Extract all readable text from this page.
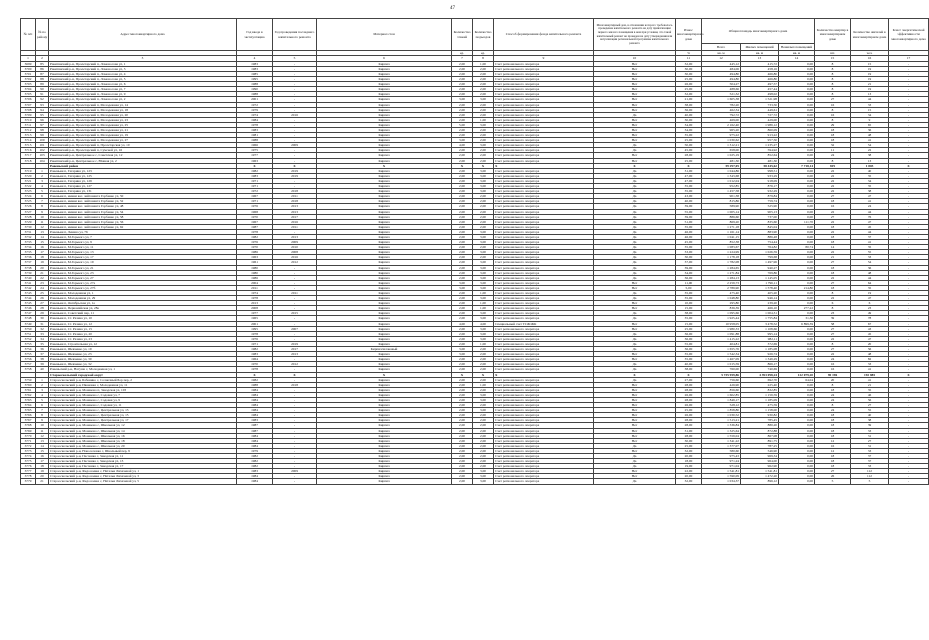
47
№ п/п	№ по району	Адрес многоквартирного дома	Год ввода в эксплуатацию	Год проведения последнего капитального ремонта	Материал стен	Количество этажей	Количество подъездов	Способ формирования фонда капитального ремонта	Многоквартирный дом, в отношении которого требовалось проведение капитального ремонта на дату приватизации первого жилого помещения в нем при условии, что такой капитальный ремонт не проведен на дату утверждения или актуализации региональной программы капитального ремонта	Износ многоквартирного дома	Общая площадь многоквартирного дома			Количество квартир в многоквартирном доме	Количество жителей в многоквартирном доме	Класс энергетической эффективности многоквартирного дома
											Всего	Жилых помещений	Нежилых помещений			
						ед.	ед.			%	кв. м	кв. м	кв. м	шт.	чел.	
1	2	3	4	5	6	7	8	9	10	11	12	13	14	15	16	17
3699	85	Ракитянский р-н, Пролетарский п, Ломоносова ул, 1	1983	-	Кирпич	2,00	1,00	Счет регионального оператора	Нет	32,00	445,12	415,72	0,00	8	15	-
3700	86	Ракитянский р-н, Пролетарский п, Ломоносова ул, 3	1983	-	Кирпич	2,00	2,00	Счет регионального оператора	Нет	30,00	484,06	458,16	0,00	8	19	-
3701	87	Ракитянский р-н, Пролетарский п, Ломоносова ул, 4	1985	-	Кирпич	2,00	2,00	Счет регионального оператора	Нет	30,00	494,80	466,80	0,00	8	19	-
3702	88	Ракитянский р-н, Пролетарский п, Ломоносова ул, 5	1995	-	Кирпич	2,00	2,00	Счет регионального оператора	Нет	25,00	494,80	466,80	0,00	8	19	-
3703	89	Ракитянский р-н, Пролетарский п, Ломоносова ул, 6	1988	-	Кирпич	2,00	2,00	Счет регионального оператора	Нет	26,00	504,27	497,57	0,00	8	21	-
3704	90	Ракитянский р-н, Пролетарский п, Ломоносова ул, 7	1990	-	Кирпич	2,00	2,00	Счет регионального оператора	Нет	25,00	488,66	457,44	0,00	8	19	-
3705	91	Ракитянский р-н, Пролетарский п, Ломоносова ул, 9	1988	-	Кирпич	2,00	2,00	Счет регионального оператора	Нет	32,00	521,32	498,02	0,00	8	13	-
3706	92	Ракитянский р-н, Пролетарский п, Ломоносова ул, 2	2001	-	Кирпич	3,00	3,00	Счет регионального оператора	Нет	21,00	1 605,38	1 521,98	0,00	27	44	-
3707	93	Ракитянский р-н, Пролетарский п, Молодежная ул, 14	1972	-	Кирпич	2,00	2,00	Счет регионального оператора	Нет	38,00	782,20	733,50	0,00	16	33	-
3708	94	Ракитянский р-н, Пролетарский п, Молодежная ул, 18	1979	-	Кирпич	2,00	2,00	Счет регионального оператора	Нет	36,00	462,34	449,61	0,00	8	15	-
3709	95	Ракитянский р-н, Пролетарский п, Молодежная ул, 20	1974	2016	Кирпич	2,00	2,00	Счет регионального оператора	Да	40,00	792,72	727,72	0,00	16	34	-
3710	96	Ракитянский р-н, Пролетарский п, Молодежная ул, 23	1984	-	Кирпич	2,00	1,00	Счет регионального оператора	Нет	30,00	469,00	429,00	0,00	8	9	-
3711	97	Ракитянский р-н, Пролетарский п, Молодежная ул, 25	1978	-	Кирпич	5,00	3,00	Счет регионального оператора	Нет	34,00	2 162,40	1 989,12	0,00	29	65	-
3712	98	Ракитянский р-н, Пролетарский п, Молодежная ул, 21	1983	-	Кирпич	2,00	2,00	Счет регионального оператора	Нет	34,00	965,20	860,09	0,00	18	36	-
3713	99	Ракитянский р-н, Пролетарский п, Молодежная ул, 19	1981	-	Кирпич	2,00	2,00	Счет регионального оператора	Нет	35,00	975,22	913,22	0,00	18	48	-
3714	100	Ракитянский р-н, Пролетарский п, Молодежная ул, 27	1988	-	Кирпич	3,00	2,00	Счет регионального оператора	Нет	25,00	1 030,62	957,50	0,00	18	41	-
3715	101	Ракитянский р-н, Пролетарский п, Пролетарская ул, 10	1966	2009	Кирпич	4,00	3,00	Счет регионального оператора	Да	50,00	1 312,21	1 235,27	0,00	32	54	-
3716	102	Ракитянский р-н, Пролетарский п, Сумской ул, 16	1975	-	Кирпич	2,00	2,00	Счет регионального оператора	Да	45,00	658,00	594,92	0,00	11	22	-
3717	103	Ракитянский р-н, Центральное с, Советская ул, 12	1977	-	Кирпич	2,00	2,00	Счет регионального оператора	Нет	28,00	1 025,19	852,64	0,00	24	38	-
3718	104	Ракитянский р-н, Центральное с, Южная ул, 2	1963	-	Кирпич	2,00	2,00	Счет регионального оператора	Нет	25,00	481,30	481,30	0,00	8	13	-
		Ровеньский район	X	X	X	X	X	X	X	X	59 297,05	58 445,62	7 718,14	819	1 803	X
3719	1	Ровеньки п, Гагарина ул, 123	1982	2019	Кирпич	2,00	3,00	Счет регионального оператора	Да	31,00	1 044,86	998,51	0,00	22	40	-
3720	2	Ровеньки п, Гагарина ул, 125	1983	2019	Кирпич	2,00	3,00	Счет регионального оператора	Да	47,00	1 343,68	933,29	0,00	22	35	-
3721	3	Ровеньки п, Гагарина ул, 129	1971	-	Кирпич	2,00	3,00	Счет регионального оператора	Да	47,00	1 012,04	918,09	0,00	22	34	-
3722	4	Ровеньки п, Гагарина ул, 127	1971	-	Кирпич	2,00	3,00	Счет регионального оператора	Да	35,00	952,85	876,17	0,00	22	35	-
3723	5	Ровеньки п, Гагарина ул, 131	1972	2018	Кирпич	2,00	3,00	Счет регионального оператора	Да	35,00	1 457,58	932,29	0,00	22	38	-
3724	6	Ровеньки п, имени вас. лейтенанта Горбенко ул, 50	1967	2011	Кирпич	2,00	2,00	Счет регионального оператора	Да	43,00	901,38	879,84	0,00	27	47	-
3725	7	Ровеньки п, имени вас. лейтенанта Горбенко ул, 52	1971	2018	Кирпич	2,00	2,00	Счет регионального оператора	Да	40,00	815,86	759,74	0,00	18	41	-
3726	8	Ровеньки п, имени вас. лейтенанта Горбенко ул, 48	1976	2013	Кирпич	2,00	2,00	Счет регионального оператора	Да	39,00	589,90	525,90	0,00	16	24	-
3727	9	Ровеньки п, имени вас. лейтенанта Горбенко ул, 54	1968	2013	Кирпич	2,00	2,00	Счет регионального оператора	Да	55,00	1 005,14	905,13	0,00	22	44	-
3728	10	Ровеньки п, имени вас. лейтенанта Горбенко ул, 58	1970	2017	Кирпич	2,00	2,00	Счет регионального оператора	Да	39,00	886,60	737,00	0,00	27	76	-
3729	11	Ровеньки п, имени вас. лейтенанта Горбенко ул, 56	1967	2016	Кирпич	2,00	2,00	Счет регионального оператора	Да	51,00	869,20	835,60	111,70	22	47	-
3730	12	Ровеньки п, имени вас. лейтенанта Горбенко ул, 62	1987	2011	Кирпич	2,00	2,00	Счет регионального оператора	Да	35,00	1 271,18	845,04	0,00	18	45	-
3731	13	Ровеньки п, Ленина ул, 76	1978	-	Кирпич	2,00	3,00	Счет регионального оператора	Да	46,00	1 161,14	883,90	0,00	22	44	-
3732	14	Ровеньки п, М.Горького ул, 7	1982	2013	Кирпич	2,00	3,00	Счет регионального оператора	Да	46,00	1 041,15	886,48	0,00	18	37	-
3733	15	Ровеньки п, М.Горького ул, 9	1976	2009	Кирпич	2,00	3,00	Счет регионального оператора	Да	45,00	852,38	754,44	0,00	18	41	-
3734	16	Ровеньки п, М.Горького ул, 11	1970	2010	Кирпич	2,00	2,00	Счет регионального оператора	Да	35,00	1 083,67	764,82	80,74	14	35	-
3735	17	Ровеньки п, М.Горького ул, 13	1986	2008	Кирпич	2,00	3,00	Счет регионального оператора	Да	33,00	1 224,99	1 026,59	0,00	22	55	-
3736	18	Ровеньки п, М.Горького ул, 17	1963	2016	Кирпич	2,00	2,00	Счет регионального оператора	Да	30,00	1 178,18	799,68	0,00	21	33	-
3737	19	Ровеньки п, М.Горького ул, 19	1961	2012	Кирпич	2,00	3,00	Счет регионального оператора	Да	37,00	1 782,08	1 497,96	0,00	27	54	-
3738	20	Ровеньки п, М.Горького ул, 21	1980	-	Кирпич	2,00	3,00	Счет регионального оператора	Да	39,00	1 284,65	940,27	0,00	18	36	-
3739	21	Ровеньки п, М.Горького ул, 23	1980	-	Кирпич	2,00	3,00	Счет регионального оператора	Да	34,00	1 271,84	769,86	0,00	18	48	-
3740	22	Ровеньки п, М.Горького ул, 27	1986	-	Кирпич	2,00	3,00	Счет регионального оператора	Да	36,00	1 284,13	1 145,05	0,00	22	44	-
3741	23	Ровеньки п, М.Горького ул, 27а	2004	-	Кирпич	3,00	3,00	Счет регионального оператора	Нет	11,00	2 259,73	1 796,11	0,00	27	64	-
3742	24	Ровеньки п, М.Горького ул, 27б	2011	-	Кирпич	3,00	3,00	Счет регионального оператора	Нет	5,00	2 789,90	1 578,40	214,80	18	35	-
3743	25	Ровеньки п, Молодежная ул, 1	1974	2011	Кирпич	2,00	1,00	Счет регионального оператора	Да	35,00	475,40	405,20	0,00	8	19	-
3744	26	Ровеньки п, Молодежная ул, 29	1978	-	Кирпич	2,00	3,00	Счет регионального оператора	Да	35,00	1 048,80	946,14	0,00	22	47	-
3745	27	Ровеньки п, Октябрьская ул, 1а	2013	-	Кирпич	2,00	1,00	Счет регионального оператора	Нет	10,00	295,80	239,20	0,00	6	6	-
3746	28	Ровеньки п, Первомайская ул, 28а	2008	-	Кирпич	2,00	1,00	Счет регионального оператора	Нет	15,00	836,39	466,10	277,22	8	23	-
3747	29	Ровеньки п, Советский пер, 11	1977	2015	Кирпич	2,00	3,00	Счет регионального оператора	Да	38,00	1 095,66	1 004,31	0,00	23	49	-
3748	30	Ровеньки п, Ст. Разина ул, 10	1965	-	Кирпич	2,00	3,00	Счет регионального оператора	Да	35,00	1 925,44	1 755,84	31,30	39	78	-
3749	31	Ровеньки п, Ст. Разина ул, 12	2001	-	Кирпич	4,00	4,00	Специальный счет ТСЖ/ЖК	Нет	15,00	10 958,05	3 478,52	6 899,39	58	67	-
3750	32	Ровеньки п, Ст. Разина ул, 15	1995	2007	Кирпич	2,00	3,00	Счет регионального оператора	Нет	25,00	1 980,33	1 108,66	0,00	27	43	-
3751	33	Ровеньки п, Ст. Разина ул, 20	1978	-	Кирпич	2,00	3,00	Счет регионального оператора	Да	36,00	1 091,88	995,14	0,00	27	45	-
3752	34	Ровеньки п, Ст. Разина ул, 23	1976	-	Кирпич	2,00	3,00	Счет регионального оператора	Да	36,00	1 415,22	982,11	0,00	22	47	-
3753	35	Ровеньки п, Строительная ул, 12	1971	2019	Кирпич	2,00	1,00	Счет регионального оператора	Да	55,00	404,81	372,69	0,00	8	20	-
3754	36	Ровеньки п, Шевченко ул, 19	1982	2017	Кирпич/шлаковый	3,00	2,00	Счет регионального оператора	Да	36,00	1 655,76	1 185,08	0,00	27	56	-
3755	37	Ровеньки п, Шевченко ул, 23	1983	2013	Кирпич	3,00	2,00	Счет регионального оператора	Нет	35,00	1 542,34	926,74	0,00	22	48	-
3756	38	Ровеньки п, Шевченко ул, 30	1964	-	Кирпич	2,00	2,00	Счет регионального оператора	Нет	35,00	1 467,09	1 349,29	0,00	24	82	-
3757	39	Ровеньки п, Шевченко ул, 32	1970	2012	Кирпич	2,00	2,00	Счет регионального оператора	Да	40,00	1 015,59	866,17	0,00	16	33	-
3758	40	Ровеньский р-н, Нагуша с, Молодежная ул, 1	1978	-	Кирпич	2,00	2,00	Счет регионального оператора	Да	38,00	760,00	740,69	0,00	16	41	-
		Старооскольский городской округ	X	X	X	X	X	X	X	X	5 735 959,86	4 393 098,24	122 079,20	90 196	192 885	X
3759	1	Старооскольский р-н, Бабанино с, Солнечный Бор пер, 2	1982	-	Кирпич	2,00	2,00	Счет регионального оператора	Да	27,00	756,60	692,70	64,04	20	41	-
3760	2	Старооскольский р-н, Ивановка с, Молодежная ул, 11	1988	2018	Кирпич	2,00	1,00	Счет регионального оператора	Нет	28,00	426,90	225,40	0,00	8	21	-
3761	3	Старооскольский р-н, Монаково п, Заводская ул, 103	1984	-	Кирпич	2,00	2,00	Счет регионального оператора	Нет	28,00	856,60	832,85	0,00	18	35	-
3762	4	Старооскольский р-н, Монаково с, Садовая ул, 7	1984	-	Кирпич	2,00	3,00	Счет регионального оператора	Нет	26,00	1 602,85	1 159,59	0,00	24	46	-
3763	5	Старооскольский р-н, Монаково с, Садовая ул, 9	1984	-	Кирпич	2,00	3,00	Счет регионального оператора	Нет	28,00	1 849,17	1 185,09	0,00	24	56	-
3764	6	Старооскольский р-н, Монаково с, Садовая ул, 11	1984	-	Кирпич	2,00	2,00	Счет регионального оператора	Нет	26,00	528,12	475,59	0,00	8	27	-
3765	7	Старооскольский р-н, Монаково с, Центральная ул, 13	1984	-	Кирпич	2,00	3,00	Счет регионального оператора	Нет	25,00	1 858,80	1 158,00	0,00	24	55	-
3766	8	Старооскольский р-н, Монаково с, Центральная ул, 15	1984	-	Кирпич	2,00	2,00	Счет регионального оператора	Нет	26,00	1 030,52	930,82	0,00	18	40	-
3767	9	Старооскольский р-н, Монаково с, Центральная ул, 17	1983	-	Кирпич	2,00	2,00	Счет регионального оператора	Нет	28,00	1 513,21	785,45	0,00	18	38	-
3768	10	Старооскольский р-н, Монаково с, Школьная ул, 12	1987	-	Кирпич	2,00	2,00	Счет регионального оператора	Нет	28,00	1 336,84	880,20	0,00	18	39	-
3769	11	Старооскольский р-н, Монаково с, Школьная ул, 14	1987	-	Кирпич	2,00	2,00	Счет регионального оператора	Нет	31,00	1 325,64	872,88	0,00	18	33	-
3770	12	Старооскольский р-н, Монаково с, Школьная ул, 16	1984	-	Кирпич	2,00	2,00	Счет регионального оператора	Нет	28,00	1 559,04	867,08	0,00	18	31	-
3771	13	Старооскольский р-н, Монаково с, Школьная ул, 18	1984	-	Кирпич	2,00	2,00	Счет регионального оператора	Нет	30,00	1 341,22	891,75	0,00	12	27	-
3772	14	Старооскольский р-н, Монаково с, Школьная ул, 20	1984	-	Кирпич	2,00	2,00	Счет регионального оператора	Да	25,00	1 377,07	787,25	0,00	16	31	-
3773	15	Старооскольский р-н, Новоселовка с, Школьный пер, 9	1979	-	Кирпич	2,00	2,00	Счет регионального оператора	Нет	32,00	580,60	546,90	0,00	12	33	-
3774	16	Старооскольский р-н, Песчанка с, Заводская ул, 11	1982	-	Кирпич	2,00	2,00	Счет регионального оператора	Да	20,00	975,43	969,34	0,00	18	37	-
3775	17	Старооскольский р-н, Песчанка с, Заводская ул, 13	1982	-	Кирпич	2,00	2,00	Счет регионального оператора	Да	18,00	971,24	964,00	0,00	18	37	-
3776	18	Старооскольский р-н, Песчанка с, Заводская ул, 17	1982	-	Кирпич	2,00	2,00	Счет регионального оператора	Да	19,00	971,04	962,90	0,00	18	33	-
3777	19	Старооскольский р-н, Федосеевка с, Натальи Лихачевой ул, 1	1983	2009	Кирпич	2,00	3,00	Счет регионального оператора	Нет	22,00	1 541,81	1 541,81	0,00	27	112	-
3778	20	Старооскольский р-н, Федосеевка с, Натальи Лихачевой ул, 3	1984	-	Кирпич	2,00	3,00	Счет регионального оператора	Нет	20,00	1 590,09	1 472,20	0,00	26	112	-
3779	21	Старооскольский р-н, Федосеевка с, Натальи Лихачевой ул, 5	1984	-	Кирпич	2,00	3,00	Счет регионального оператора	Да	32,00	1 034,37	896,12	0,00	5	5	-
